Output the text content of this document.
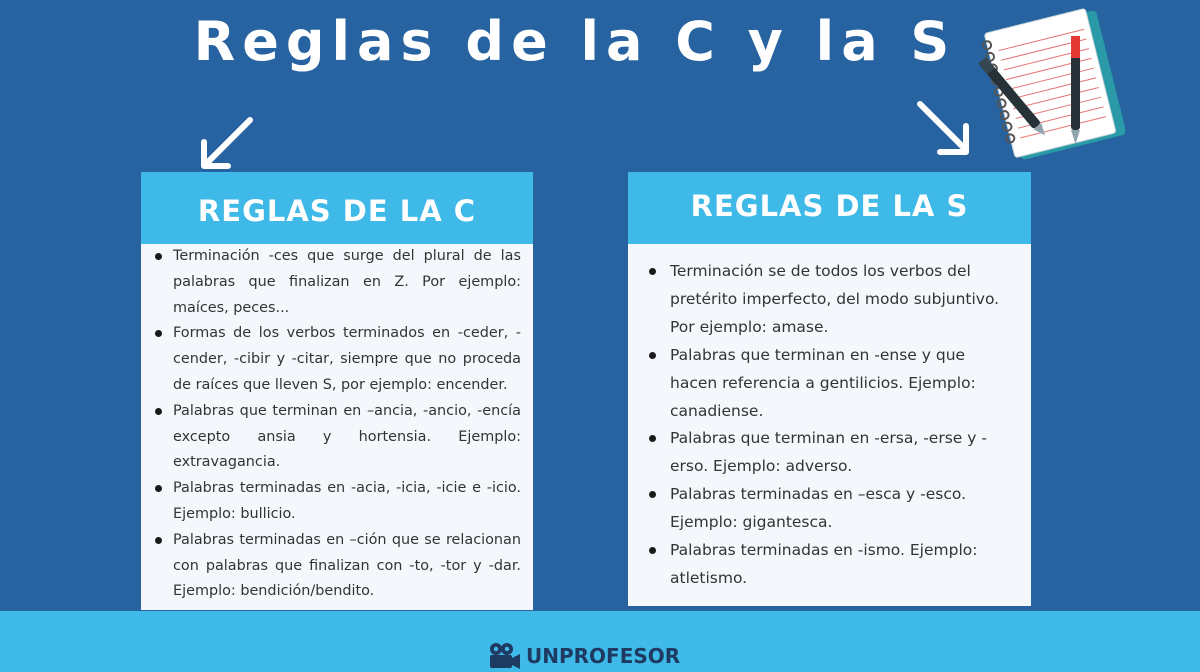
Reglas de la C y la S
REGLAS DE LA C
Terminación -ces que surge del plural de las palabras que finalizan en Z. Por ejemplo: maíces, peces...
Formas de los verbos terminados en -ceder, -cender, -cibir y -citar, siempre que no proceda de raíces que lleven S, por ejemplo: encender.
Palabras que terminan en –ancia, -ancio, -encía excepto ansia y hortensia. Ejemplo: extravagancia.
Palabras terminadas en -acia, -icia, -icie e -icio. Ejemplo: bullicio.
Palabras terminadas en –ción que se relacionan con palabras que finalizan con -to, -tor y -dar. Ejemplo: bendición/bendito.
REGLAS DE LA S
Terminación se de todos los verbos del pretérito imperfecto, del modo subjuntivo. Por ejemplo: amase.
Palabras que terminan en -ense y que hacen referencia a gentilicios. Ejemplo: canadiense.
Palabras que terminan en -ersa, -erse y -erso. Ejemplo: adverso.
Palabras terminadas en –esca y -esco. Ejemplo: gigantesca.
Palabras terminadas en -ismo. Ejemplo: atletismo.
UNPROFESOR
